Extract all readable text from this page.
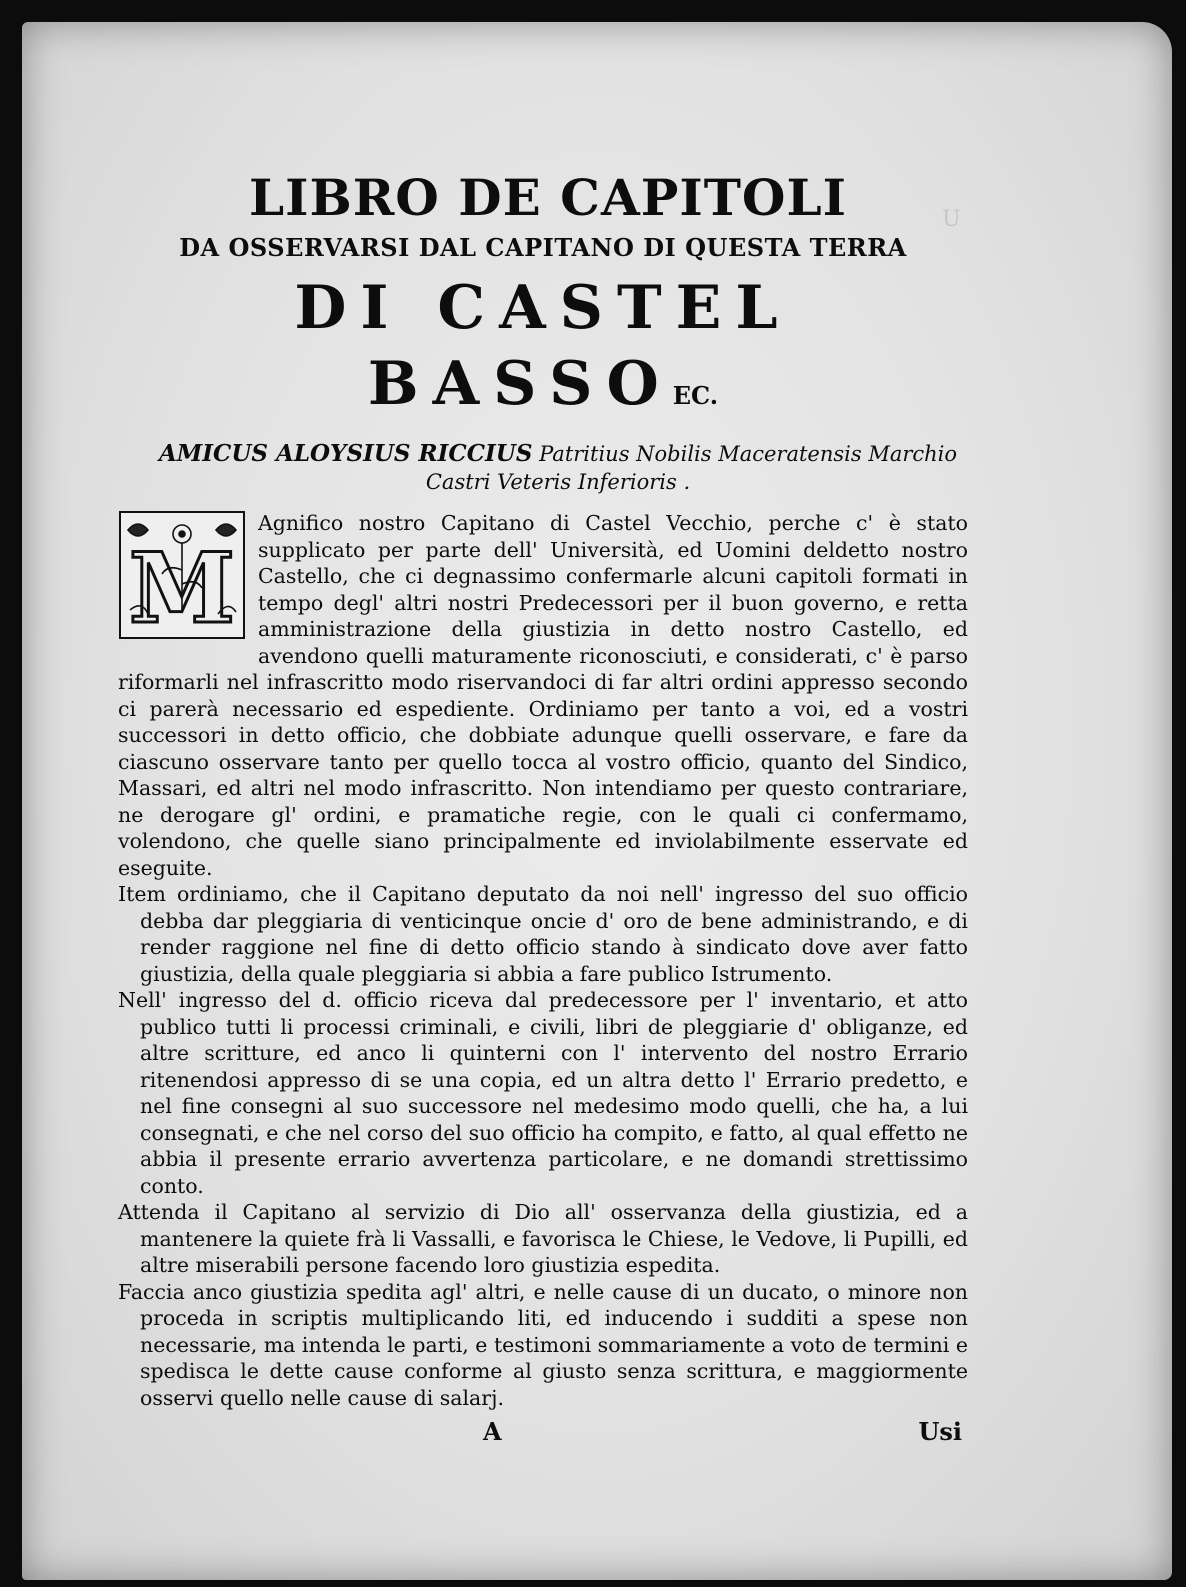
U
LIBRO DE CAPITOLI
DA OSSERVARSI DAL CAPITANO DI QUESTA TERRA
DI CASTEL BASSOEC.
AMICUS ALOYSIUS RICCIUS Patritius Nobilis Maceratensis Marchio
Castri Veteris Inferioris .
M

Agnifico nostro Capitano di Castel Vecchio, perche c' è stato supplicato per parte dell' Università, ed Uomini deldetto nostro Castello, che ci degnassimo confermarle alcuni capitoli formati in tempo degl' altri nostri Predecessori per il buon governo, e retta amministrazione della giustizia in detto nostro Castello, ed avendono quelli maturamente riconosciuti, e considerati, c' è parso riformarli nel infrascritto modo riservandoci di far altri ordini appresso secondo ci parerà necessario ed espediente. Ordiniamo per tanto a voi, ed a vostri successori in detto officio, che dobbiate adunque quelli osservare, e fare da ciascuno osservare tanto per quello tocca al vostro officio, quanto del Sindico, Massari, ed altri nel modo infrascritto. Non intendiamo per questo contrariare, ne derogare gl' ordini, e pramatiche regie, con le quali ci confermamo, volendono, che quelle siano principalmente ed inviolabilmente esservate ed eseguite.

Item ordiniamo, che il Capitano deputato da noi nell' ingresso del suo officio debba dar pleggiaria di venticinque oncie d' oro de bene administrando, e di render raggione nel fine di detto officio stando à sindicato dove aver fatto giustizia, della quale pleggiaria si abbia a fare publico Istrumento.

Nell' ingresso del d. officio riceva dal predecessore per l' inventario, et atto publico tutti li processi criminali, e civili, libri de pleggiarie d' obliganze, ed altre scritture, ed anco li quinterni con l' intervento del nostro Errario ritenendosi appresso di se una copia, ed un altra detto l' Errario predetto, e nel fine consegni al suo successore nel medesimo modo quelli, che ha, a lui consegnati, e che nel corso del suo officio ha compito, e fatto, al qual effetto ne abbia il presente errario avvertenza particolare, e ne domandi strettissimo conto.

Attenda il Capitano al servizio di Dio all' osservanza della giustizia, ed a mantenere la quiete frà li Vassalli, e favorisca le Chiese, le Vedove, li Pupilli, ed altre miserabili persone facendo loro giustizia espedita.

Faccia anco giustizia spedita agl' altri, e nelle cause di un ducato, o minore non proceda in scriptis multiplicando liti, ed inducendo i sudditi a spese non necessarie, ma intenda le parti, e testimoni sommariamente a voto de termini e spedisca le dette cause conforme al giusto senza scrittura, e maggiormente osservi quello nelle cause di salarj.

A	Usi
